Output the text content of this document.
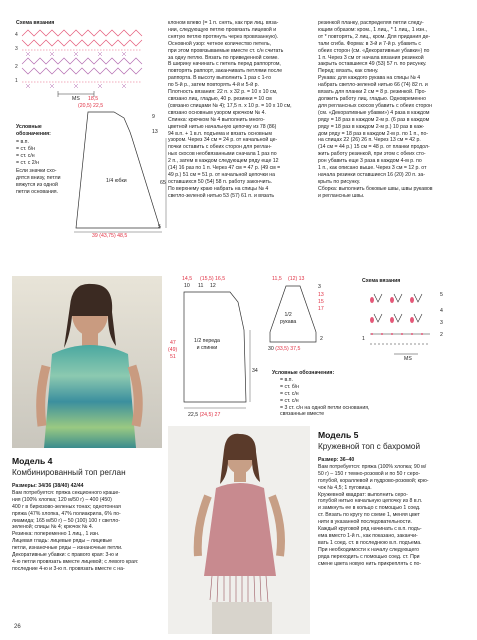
Схема вязания
4
3
2
1
MS 18,5
(20,5) 22,5
9
13
65
1/4 юбки
5
39 (43,75) 48,5
Условные обозначения:
= в.п.
= ст. б/н
= ст. с/н
= ст. с 2/н
Если значки схо-
дятся внизу, петли
вяжутся из одной
петли основания.
клоном влево (= 1 п. снять, как при лиц. вяза-
нии, следующую петлю провязать лицевой и
снятую петлю протянуть через провязанную).
Основной узор: четное количество петель,
при этом провязываемые вместе ст. с/н считать
за одну петлю. Вязать по приведенной схеме.
В ширину начинать с петель перед раппортом,
повторять раппорт, заканчивать петлями после
раппорта. В высоту выполнить 1 раз с 1-го
по 5-й р., затем повторять 4-й и 5-й р.
Плотность вязания: 22 п. х 32 р. = 10 х 10 см,
связано лиц. гладью, 40 р. резинки = 10 см
(связано спицами № 4); 17,5 п. х 10 р. = 10 х 10 см,
связано основным узором крючком № 4.
Спинка: крючком № 4 выполнить много-
цветной нитью начальную цепочку из 78 (86)
94 в.п. + 1 в.п. подъема и вязать основным
узором. Через 34 см = 24 р. от начальной це-
почки оставить с обеих сторон для реглан-
ных скосов необвязанными сначала 1 раз по
2 п., затем в каждом следующем ряду еще 12
(14) 16 раз по 1 п. Через 47 см = 47 р. (49 см =
49 р.) 51 см = 51 р. от начальной цепочки на
оставшихся 50 (54) 58 п. работу закончить.
По верхнему краю набрать на спицы № 4
светло-зеленой нитью 53 (57) 61 п. и вязать
резинкой планку, распределяя петли следу-
ющим образом: кром., 1 лиц., * 1 лиц., 1 изн.,
от * повторять, 2 лиц., кром. Для придания де-
тали сгиба. Форма: в 3-й и 7-й р. убавить с
обеих сторон (см. «Декоративные убавки») по
1 п. Через 3 см от начала вязания резинкой
закрыть оставшиеся 49 (53) 57 п. по рисунку.
Перед: вязать, как спину.
Рукава: для каждого рукава на спицы № 4
набрать светло-зеленой нитью 66 (74) 82 п. и
вязать для планки 2 см = 8 р. резинкой. Про-
должить работу лиц. гладью. Одновременно
для реглансных скосов убавить с обеих сторон
(см. «Декоративные убавки») 4 раза в каждом
ряду = 18 раз в каждом 2-м р. (6 раз в каждом
ряду = 18 раз в каждом 2-м р.) 10 раз в каж-
дом ряду = 18 раз в каждом 2-м р. по 1 п., по-
на спицах 22 (26) 26 п. Через 13 см = 42 р.
(14 см = 44 р.) 15 см = 48 р. от планки продол-
жить работу резинкой, при этом с обеих сто-
рон убавить еще 3 раза в каждом 4-м р. по
1 п., как описано выше. Через 3 см = 12 р. от
начала резинки оставшиеся 16 (20) 20 п. за-
крыть по рисунку.
Сборка: выполнить боковые швы, швы рукавов
и реглансные швы.
14,5 (15,5) 16,5
10 11 12
47
(49)
51
1/2 переда
и спинки
34
22,5 (24,5) 27
11,5 (12) 13
3
13
15
17
1/2
рукава
2
30 (33,5) 37,5
Схема вязания
5
4
3
2
1
MS
Условные обозначения:
= в.п.
= ст. б/н
= ст. с/н
= ст. с/н
= 3 ст. с/н на одной петли основания,
связанные вместе
Модель 4
Комбинированный топ реглан
Размеры: 34/36 (38/40) 42/44
Вам потребуется: пряжа секционного краше-
ния (100% хлопка; 120 м/50 г) – 400 (450)
400 г в бирюзово-зеленых тонах; однотонная
пряжа (47% хлопка, 47% полиакрила, 6% по-
лиамида; 165 м/50 г) – 50 (100) 100 г светло-
зеленой; спицы № 4; крючок № 4.
Резинка: попеременно 1 лиц., 1 изн.
Лицевая гладь: лицевые ряды – лицевые
петли, изнаночные ряды – изнаночные петли.
Декоративные убавки: с правого края: 3-ю и
4-ю петли провязать вместе лицевой; с левого края:
последние 4-ю и 3-ю п. провязать вместе с на-
Модель 5
Кружевной топ с бахромой
Размер: 36–40
Вам потребуется: пряжа (100% хлопка; 90 м/
50 г) – 150 г темно-розовой и по 50 г серо-
голубой, кораллевой и пудрово-розовой; крю-
чок № 4,5; 1 пуговица.
Кружевной квадрат: выполнить серо-
голубой нитью начальную цепочку из 8 в.п.
и замкнуть ее в кольцо с помощью 1 соед.
ст. Вязать по кругу по схеме 1, меняя цвет
нити в указанной последовательности.
Каждый круговой ряд начинать с в.п. подъ-
ема вместо 1-й п., как показано, заканчи-
вать 1 соед. ст. в последнюю в.п. подъема.
При необходимости к началу следующего
ряда переходить с помощью соед. ст. При
смене цвета новую нить прикреплять с по-
26
